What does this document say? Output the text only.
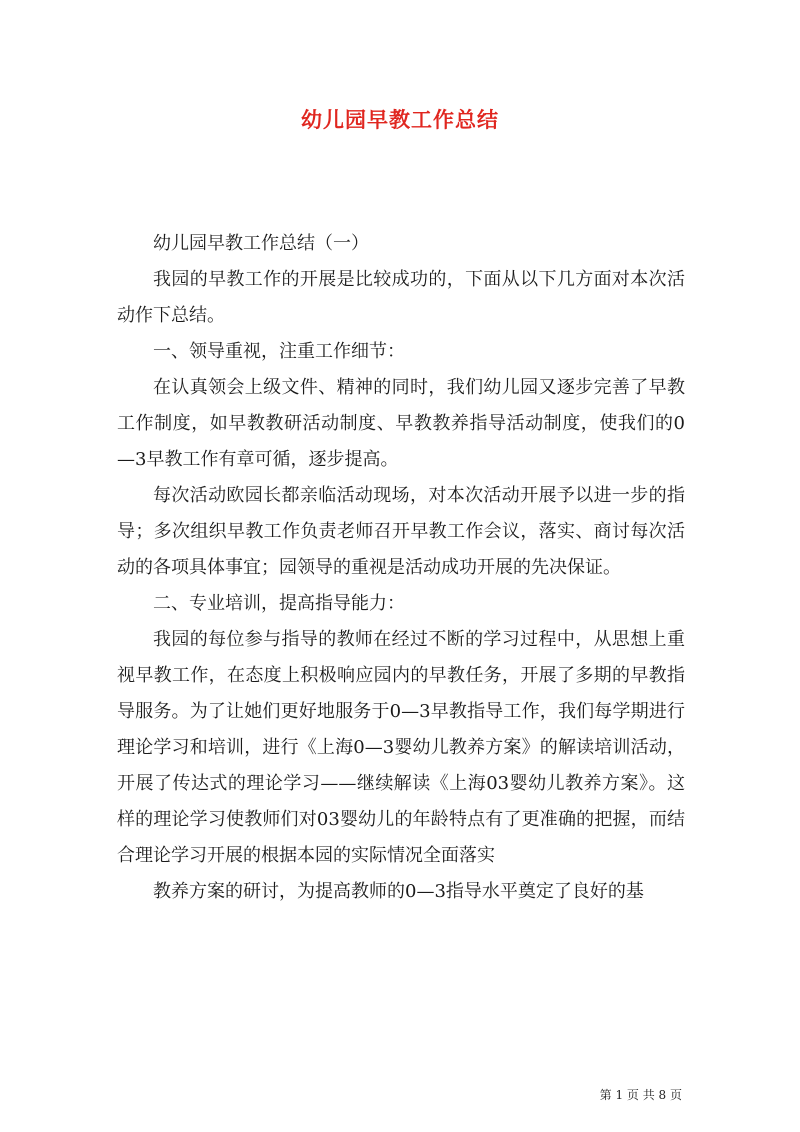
幼儿园早教工作总结

幼儿园早教工作总结（一）

我园的早教工作的开展是比较成功的，下面从以下几方面对本次活动作下总结。

一、领导重视，注重工作细节：

在认真领会上级文件、精神的同时，我们幼儿园又逐步完善了早教工作制度，如早教教研活动制度、早教教养指导活动制度，使我们的0—3早教工作有章可循，逐步提高。

每次活动欧园长都亲临活动现场，对本次活动开展予以进一步的指导；多次组织早教工作负责老师召开早教工作会议，落实、商讨每次活动的各项具体事宜；园领导的重视是活动成功开展的先决保证。

二、专业培训，提高指导能力：

我园的每位参与指导的教师在经过不断的学习过程中，从思想上重视早教工作，在态度上积极响应园内的早教任务，开展了多期的早教指导服务。为了让她们更好地服务于0—3早教指导工作，我们每学期进行理论学习和培训，进行《上海0—3婴幼儿教养方案》的解读培训活动，开展了传达式的理论学习——继续解读《上海03婴幼儿教养方案》。这样的理论学习使教师们对03婴幼儿的年龄特点有了更准确的把握，而结合理论学习开展的根据本园的实际情况全面落实

教养方案的研讨，为提高教师的0—3指导水平奠定了良好的基

第 1 页 共 8 页
